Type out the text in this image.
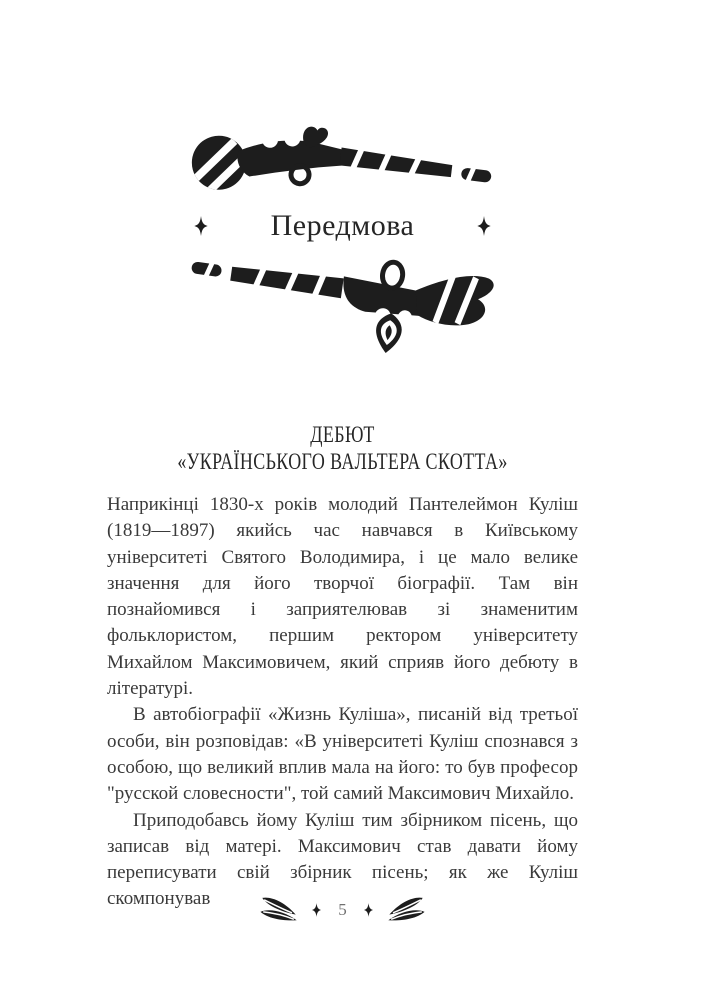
Передмова
ДЕБЮТ
«УКРАЇНСЬКОГО ВАЛЬТЕРА СКОТТА»

Наприкінці 1830-х років молодий Пантелеймон Куліш (1819—1897) якийсь час навчався в Київському університеті Святого Володимира, і це мало велике значення для його творчої біографії. Там він познайомився і заприятелював зі знаменитим фольклористом, першим ректором університету Михайлом Максимовичем, який сприяв його дебюту в літературі.

В автобіографії «Жизнь Куліша», писаній від третьої особи, він розповідав: «В університеті Куліш спознався з особою, що великий вплив мала на його: то був професор "русской словесности", той самий Максимович Михайло.

Приподобавсь йому Куліш тим збірником пісень, що записав від матері. Максимович став давати йому переписувати свій збірник пісень; як же Куліш скомпонував

5
